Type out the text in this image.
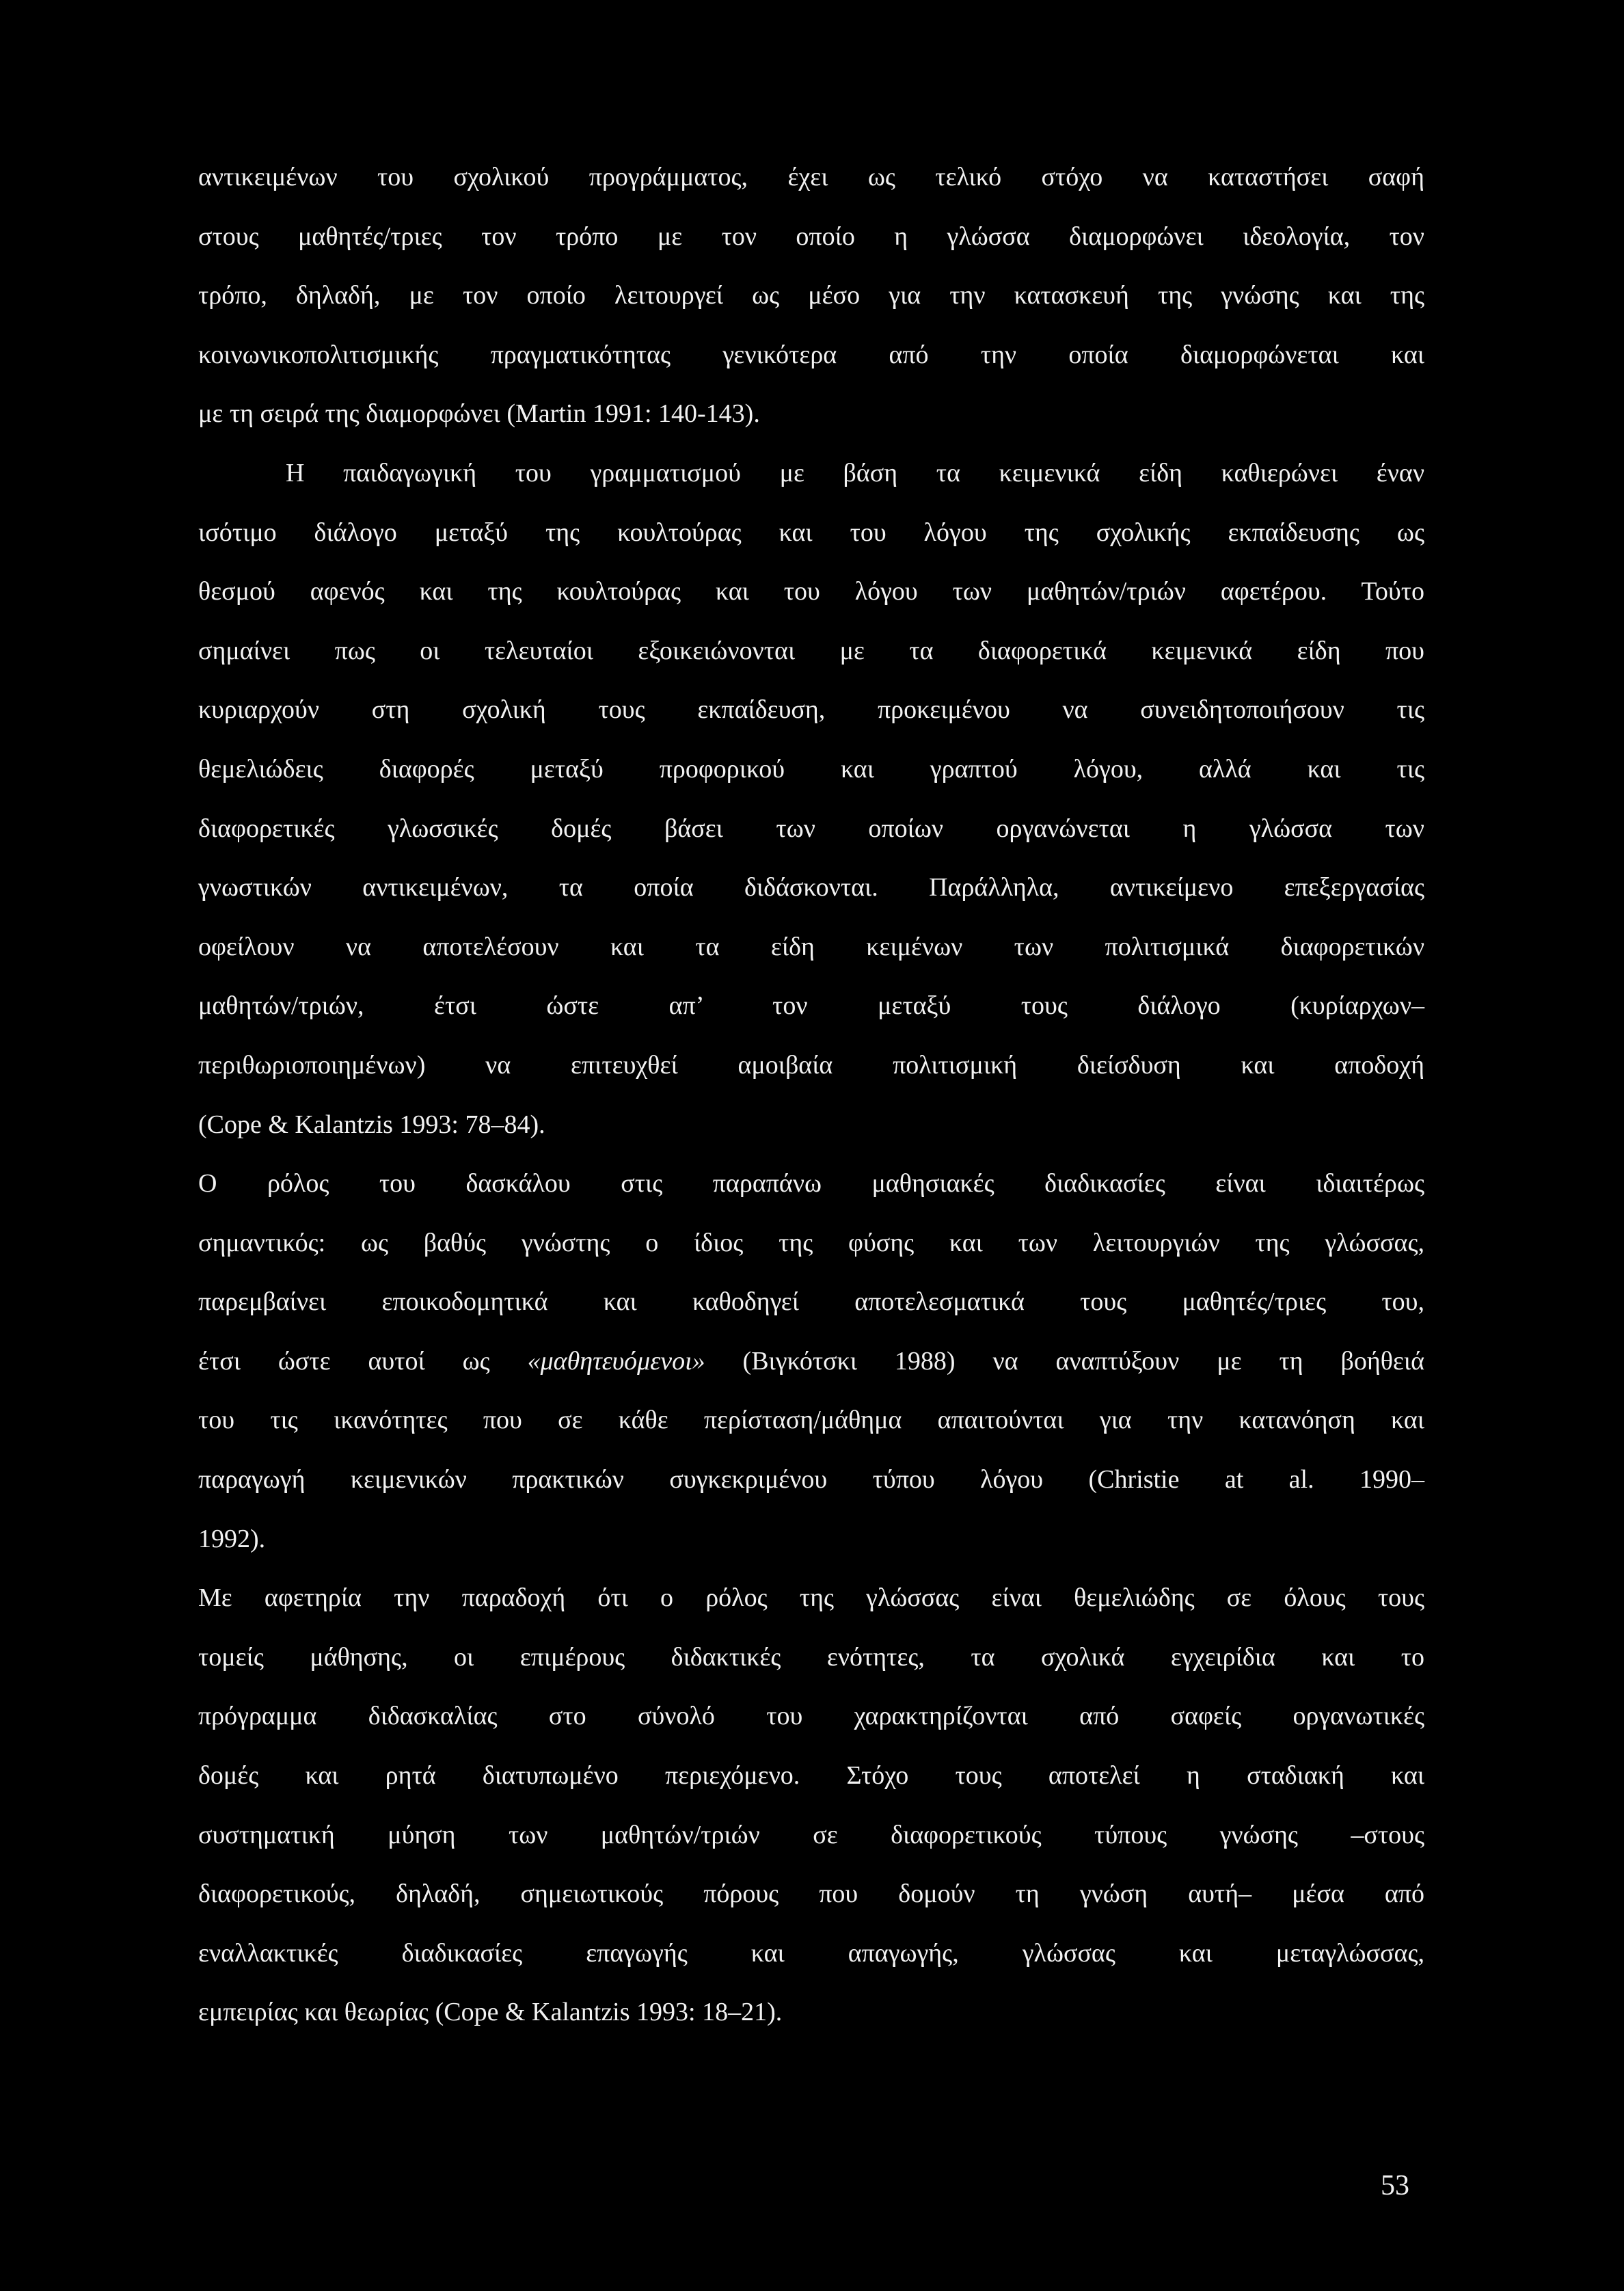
αντικειμένων του σχολικού προγράμματος, έχει ως τελικό στόχο να καταστήσει σαφή
στους μαθητές/τριες τον τρόπο με τον οποίο η γλώσσα διαμορφώνει ιδεολογία, τον
τρόπο, δηλαδή, με τον οποίο λειτουργεί ως μέσο για την κατασκευή της γνώσης και της
κοινωνικοπολιτισμικής πραγματικότητας γενικότερα από την οποία διαμορφώνεται και
με τη σειρά της διαμορφώνει (Martin 1991: 140-143).
Η παιδαγωγική του γραμματισμού με βάση τα κειμενικά είδη καθιερώνει έναν
ισότιμο διάλογο μεταξύ της κουλτούρας και του λόγου της σχολικής εκπαίδευσης ως
θεσμού αφενός και της κουλτούρας και του λόγου των μαθητών/τριών αφετέρου. Τούτο
σημαίνει πως οι τελευταίοι εξοικειώνονται με τα διαφορετικά κειμενικά είδη που
κυριαρχούν στη σχολική τους εκπαίδευση, προκειμένου να συνειδητοποιήσουν τις
θεμελιώδεις διαφορές μεταξύ προφορικού και γραπτού λόγου, αλλά και τις
διαφορετικές γλωσσικές δομές βάσει των οποίων οργανώνεται η γλώσσα των
γνωστικών αντικειμένων, τα οποία διδάσκονται. Παράλληλα, αντικείμενο επεξεργασίας
οφείλουν να αποτελέσουν και τα είδη κειμένων των πολιτισμικά διαφορετικών
μαθητών/τριών, έτσι ώστε απ’ τον μεταξύ τους διάλογο (κυρίαρχων–
περιθωριοποιημένων) να επιτευχθεί αμοιβαία πολιτισμική διείσδυση και αποδοχή
(Cope & Kalantzis 1993: 78–84).
Ο ρόλος του δασκάλου στις παραπάνω μαθησιακές διαδικασίες είναι ιδιαιτέρως
σημαντικός: ως βαθύς γνώστης ο ίδιος της φύσης και των λειτουργιών της γλώσσας,
παρεμβαίνει εποικοδομητικά και καθοδηγεί αποτελεσματικά τους μαθητές/τριες του,
έτσι ώστε αυτοί ως «μαθητευόμενοι» (Βιγκότσκι 1988) να αναπτύξουν με τη βοήθειά
του τις ικανότητες που σε κάθε περίσταση/μάθημα απαιτούνται για την κατανόηση και
παραγωγή κειμενικών πρακτικών συγκεκριμένου τύπου λόγου (Christie at al. 1990–
1992).
Με αφετηρία την παραδοχή ότι ο ρόλος της γλώσσας είναι θεμελιώδης σε όλους τους
τομείς μάθησης, οι επιμέρους διδακτικές ενότητες, τα σχολικά εγχειρίδια και το
πρόγραμμα διδασκαλίας στο σύνολό του χαρακτηρίζονται από σαφείς οργανωτικές
δομές και ρητά διατυπωμένο περιεχόμενο. Στόχο τους αποτελεί η σταδιακή και
συστηματική μύηση των μαθητών/τριών σε διαφορετικούς τύπους γνώσης –στους
διαφορετικούς, δηλαδή, σημειωτικούς πόρους που δομούν τη γνώση αυτή– μέσα από
εναλλακτικές διαδικασίες επαγωγής και απαγωγής, γλώσσας και μεταγλώσσας,
εμπειρίας και θεωρίας (Cope & Kalantzis 1993: 18–21).
53
